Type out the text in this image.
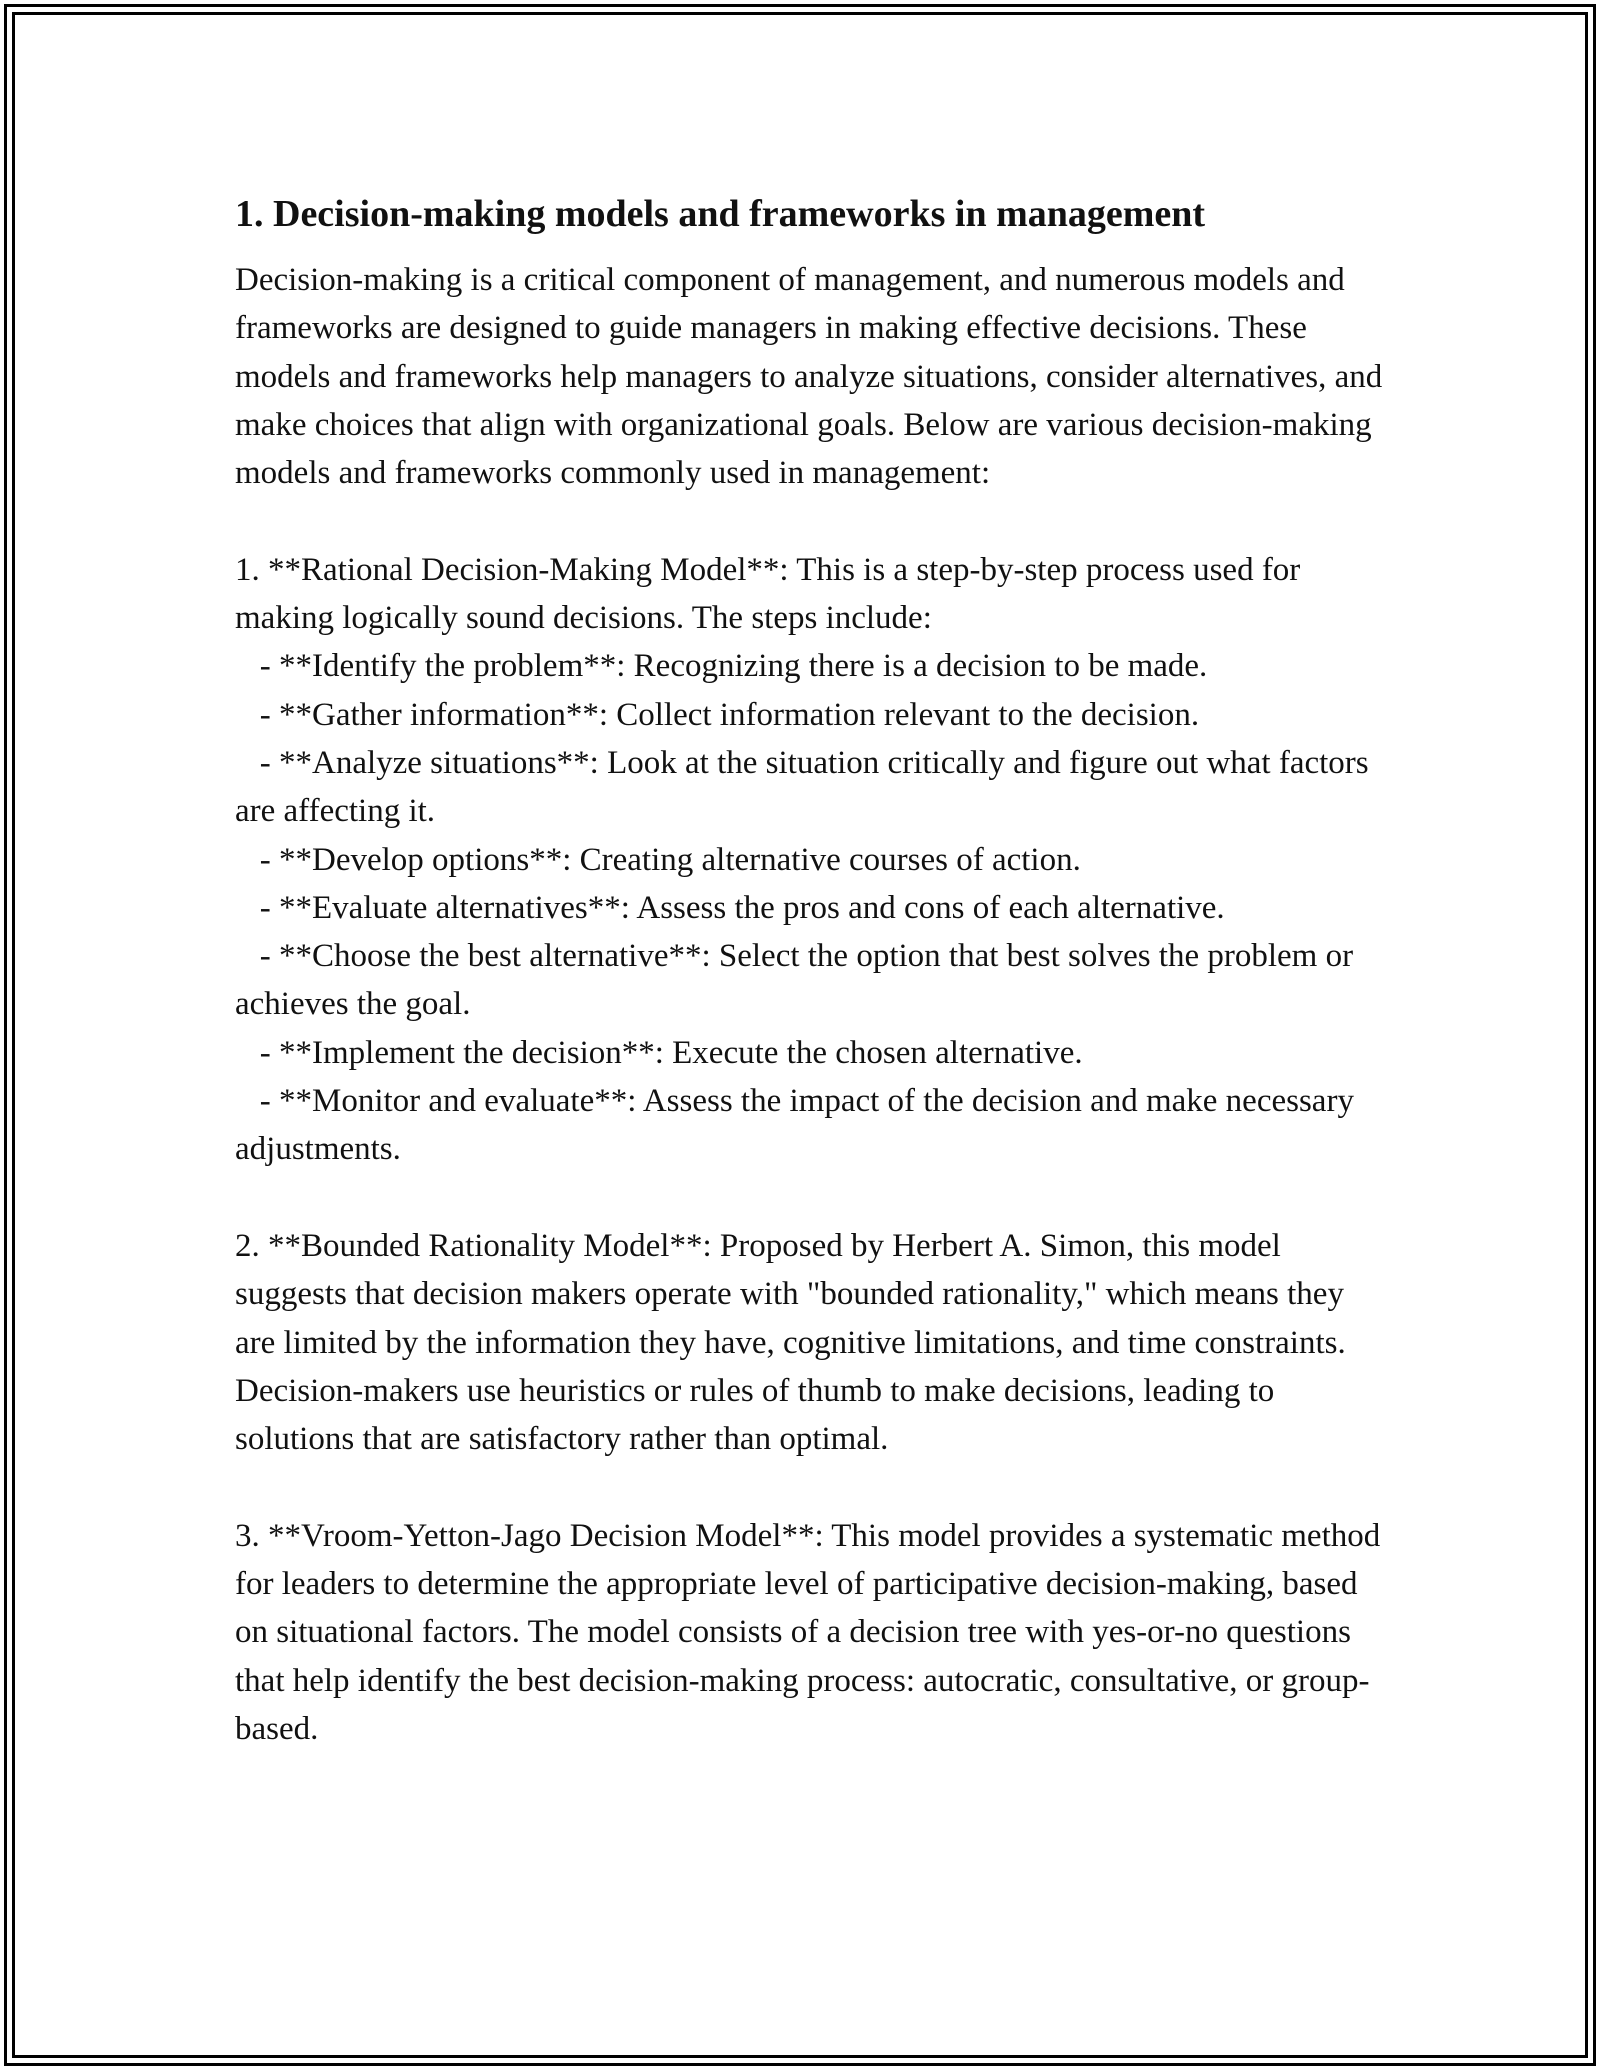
1. Decision-making models and frameworks in management

Decision-making is a critical component of management, and numerous models and frameworks are designed to guide managers in making effective decisions. These models and frameworks help managers to analyze situations, consider alternatives, and make choices that align with organizational goals. Below are various decision-making models and frameworks commonly used in management:

1. **Rational Decision-Making Model**: This is a step-by-step process used for making logically sound decisions. The steps include:

- **Identify the problem**: Recognizing there is a decision to be made.

- **Gather information**: Collect information relevant to the decision.

- **Analyze situations**: Look at the situation critically and figure out what factors are affecting it.

- **Develop options**: Creating alternative courses of action.

- **Evaluate alternatives**: Assess the pros and cons of each alternative.

- **Choose the best alternative**: Select the option that best solves the problem or achieves the goal.

- **Implement the decision**: Execute the chosen alternative.

- **Monitor and evaluate**: Assess the impact of the decision and make necessary adjustments.

2. **Bounded Rationality Model**: Proposed by Herbert A. Simon, this model suggests that decision makers operate with "bounded rationality," which means they are limited by the information they have, cognitive limitations, and time constraints. Decision-makers use heuristics or rules of thumb to make decisions, leading to solutions that are satisfactory rather than optimal.

3. **Vroom-Yetton-Jago Decision Model**: This model provides a systematic method for leaders to determine the appropriate level of participative decision-making, based on situational factors. The model consists of a decision tree with yes-or-no questions that help identify the best decision-making process: autocratic, consultative, or group-based.
